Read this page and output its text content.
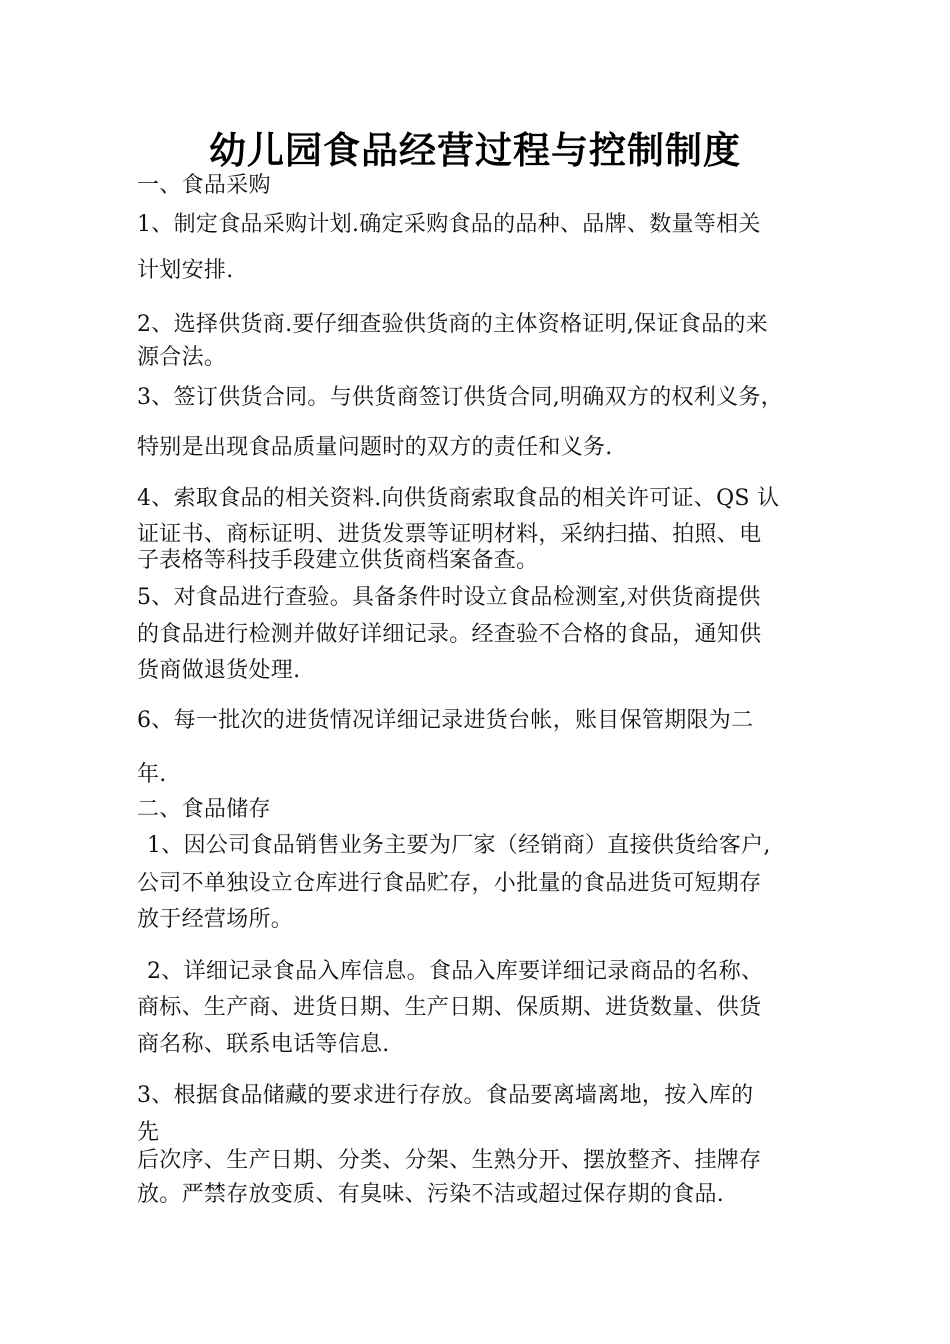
幼儿园食品经营过程与控制制度

一、食品采购

1、制定食品采购计划.确定采购食品的品种、品牌、数量等相关

计划安排.

2、选择供货商.要仔细查验供货商的主体资格证明,保证食品的来

源合法。

3、签订供货合同。与供货商签订供货合同,明确双方的权利义务，

特别是出现食品质量问题时的双方的责任和义务.

4、索取食品的相关资料.向供货商索取食品的相关许可证、QS 认

证证书、商标证明、进货发票等证明材料，采纳扫描、拍照、电

子表格等科技手段建立供货商档案备查。

5、对食品进行查验。具备条件时设立食品检测室,对供货商提供

的食品进行检测并做好详细记录。经查验不合格的食品，通知供

货商做退货处理.

6、每一批次的进货情况详细记录进货台帐，账目保管期限为二

年.

二、食品储存

1、因公司食品销售业务主要为厂家（经销商）直接供货给客户,

公司不单独设立仓库进行食品贮存，小批量的食品进货可短期存

放于经营场所。

2、详细记录食品入库信息。食品入库要详细记录商品的名称、

商标、生产商、进货日期、生产日期、保质期、进货数量、供货

商名称、联系电话等信息.

3、根据食品储藏的要求进行存放。食品要离墙离地，按入库的

先

后次序、生产日期、分类、分架、生熟分开、摆放整齐、挂牌存

放。严禁存放变质、有臭味、污染不洁或超过保存期的食品.
